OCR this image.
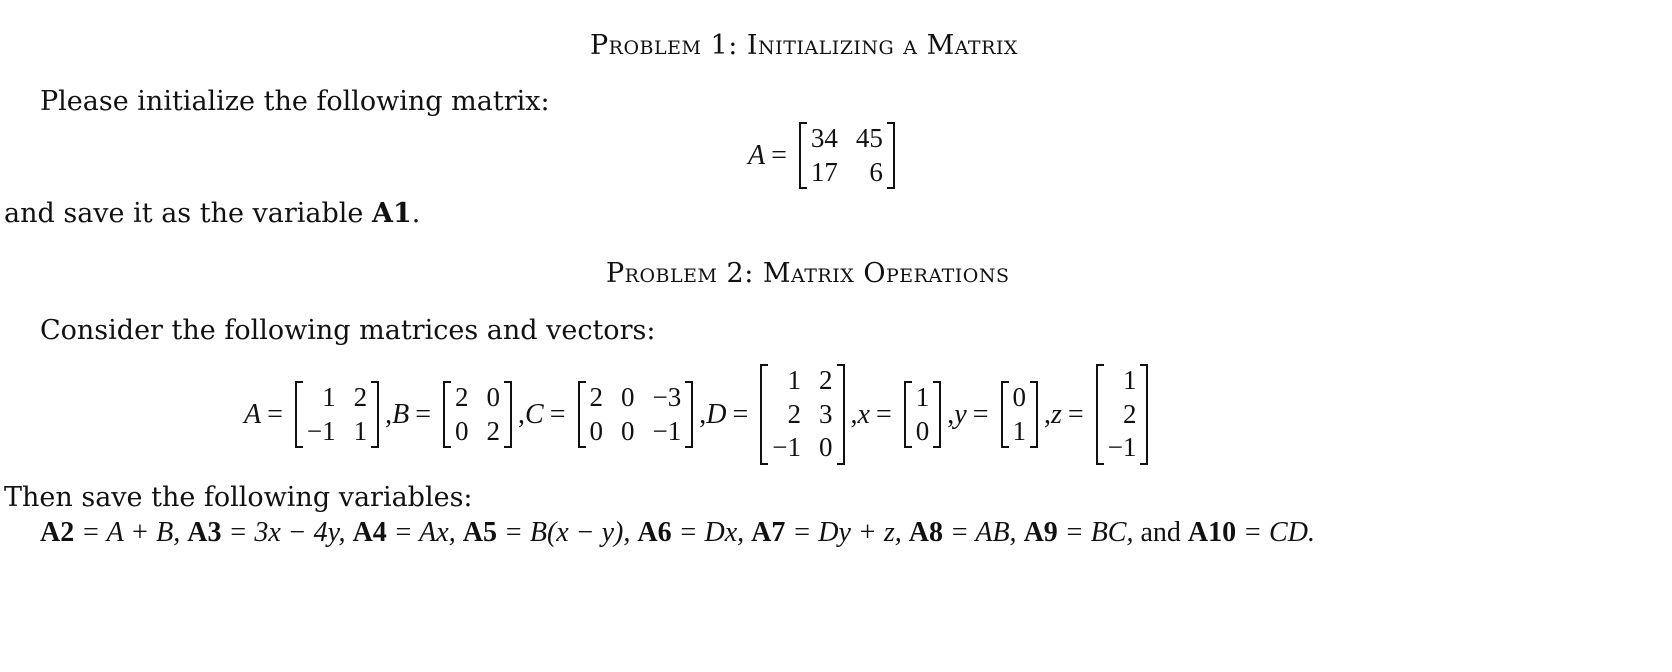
Problem 1: Initializing a Matrix
Please initialize the following matrix:
A =
34 45
17	6
and save it as the variable A1.
Problem 2: Matrix Operations
Consider the following matrices and vectors:
A =
1 2
−1 1
, B =
2 0
0 2
, C =
2 0 −3
0 0 −1
, D =
1 2
2 3
−1 0
, x =
1
0
, y =
0
1
, z =
1
2
−1
Then save the following variables:
A2 = A + B, A3 = 3x − 4y, A4 = Ax, A5 = B(x − y), A6 = Dx, A7 = Dy + z, A8 = AB, A9 = BC, and A10 = CD.
